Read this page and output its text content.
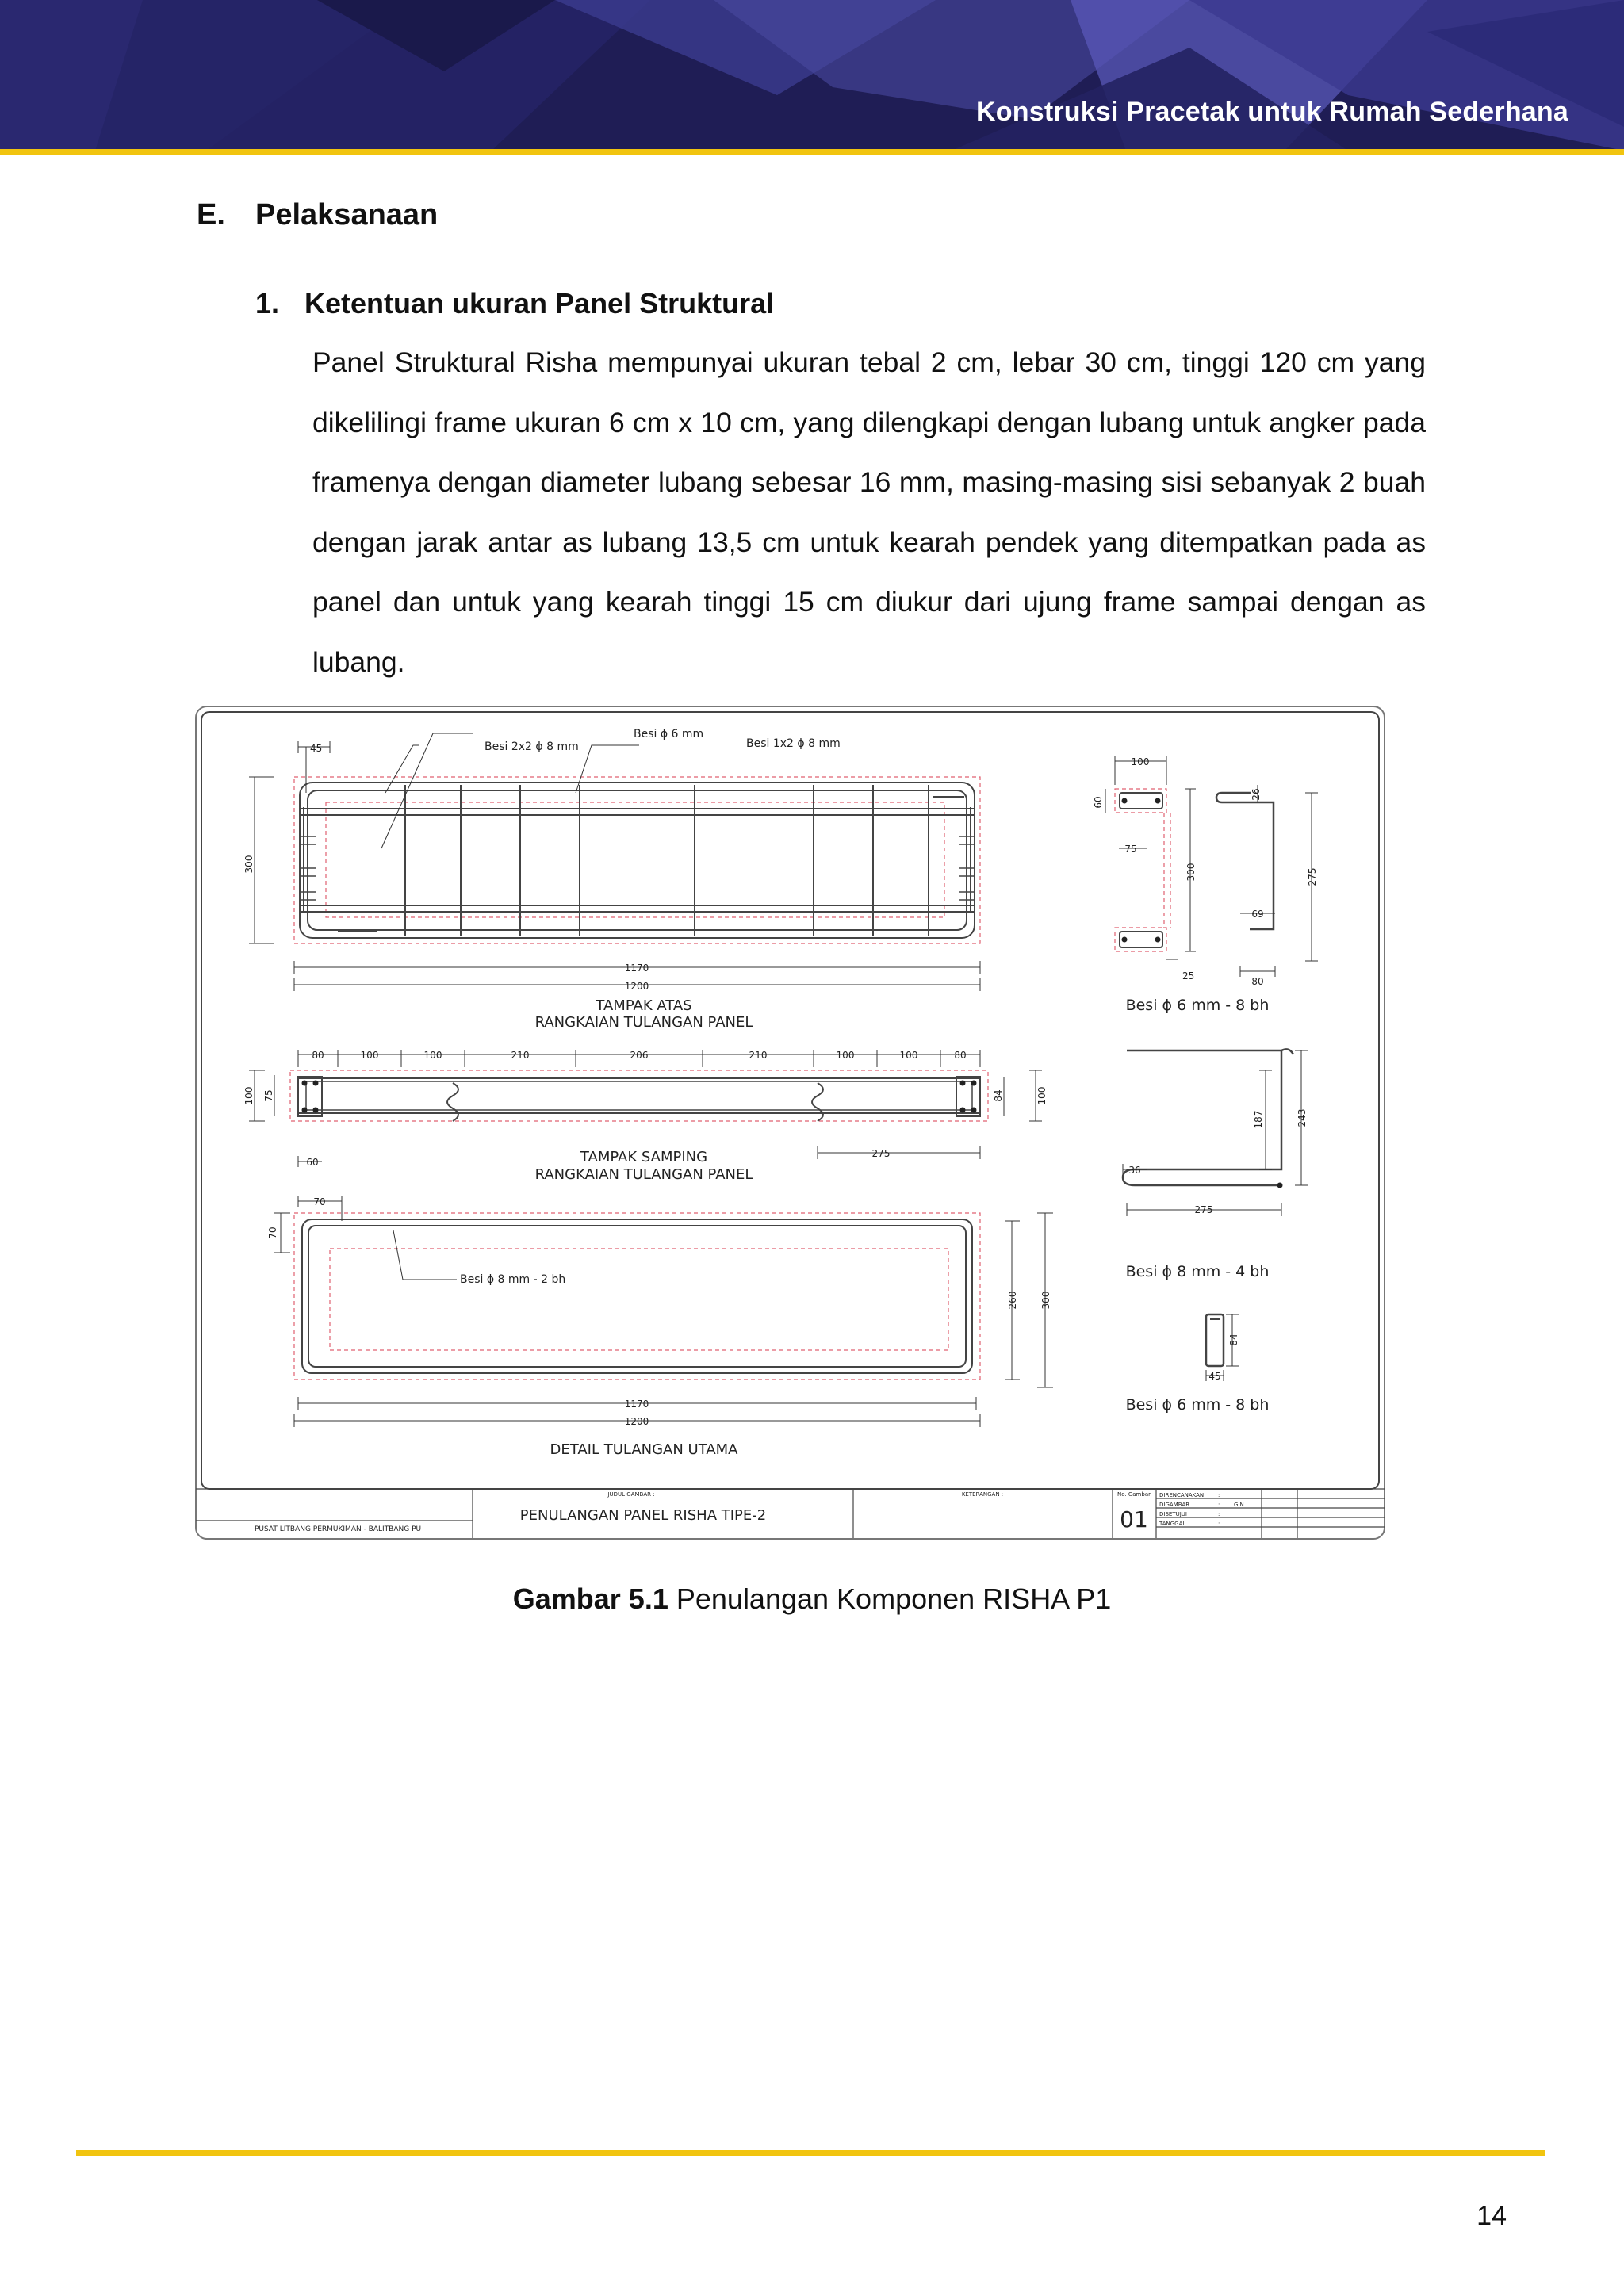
Konstruksi Pracetak untuk Rumah Sederhana
E. Pelaksanaan
1. Ketentuan ukuran Panel Struktural
Panel Struktural Risha mempunyai ukuran tebal 2 cm, lebar 30 cm, tinggi 120 cm yang dikelilingi frame ukuran 6 cm x 10 cm, yang dilengkapi dengan lubang untuk angker pada framenya dengan diameter lubang sebesar 16 mm, masing-masing sisi sebanyak 2 buah dengan jarak antar as lubang 13,5 cm untuk kearah pendek yang ditempatkan pada as panel dan untuk yang kearah tinggi 15 cm diukur dari ujung frame sampai dengan as lubang.
45
300
1170
1200
Besi 2x2 ϕ 8 mm
Besi ϕ 6 mm
Besi 1x2 ϕ 8 mm
TAMPAK ATAS
RANGKAIAN TULANGAN PANEL
80	100	100	210	206	210	100	100	80
100 75	84	100
60
275
TAMPAK SAMPING
RANGKAIAN TULANGAN PANEL
70
70
Besi ϕ 8 mm - 2 bh
260 300
1170
1200
DETAIL TULANGAN UTAMA
100
60
75
300
25
26
275
69
80
Besi ϕ 6 mm - 8 bh
187	243
36
275
Besi ϕ 8 mm - 4 bh
84
45
Besi ϕ 6 mm - 8 bh
PUSAT LITBANG PERMUKIMAN - BALITBANG PU
JUDUL GAMBAR :
PENULANGAN PANEL RISHA TIPE-2
KETERANGAN :	No. Gambar
01
DIRENCANAKAN	:
DIGAMBAR	:	GIN
DISETUJUI	:
TANGGAL	:
Gambar 5.1 Penulangan Komponen RISHA P1
14
